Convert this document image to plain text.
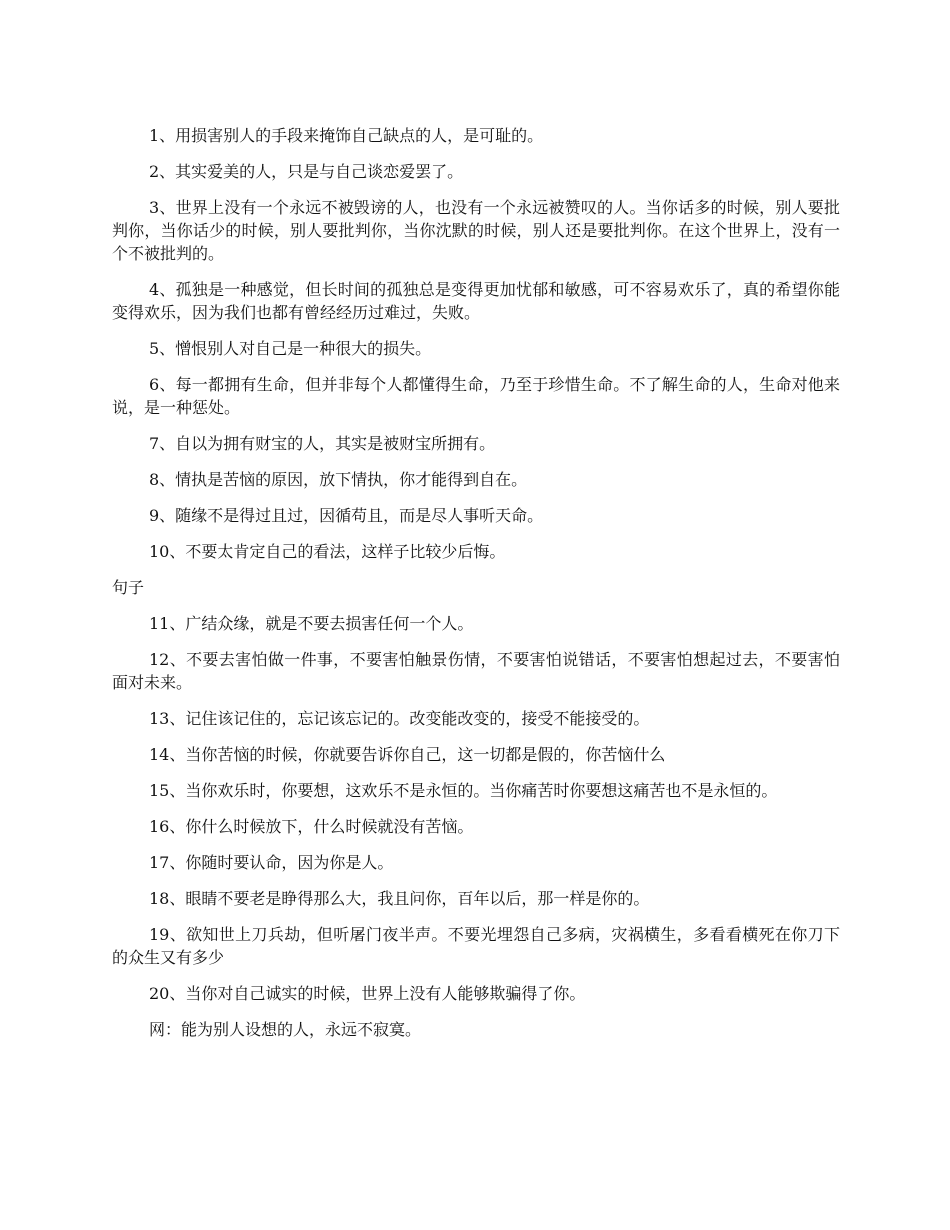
1、用损害别人的手段来掩饰自己缺点的人，是可耻的。

2、其实爱美的人，只是与自己谈恋爱罢了。

3、世界上没有一个永远不被毁谤的人，也没有一个永远被赞叹的人。当你话多的时候，别人要批判你，当你话少的时候，别人要批判你，当你沈默的时候，别人还是要批判你。在这个世界上，没有一个不被批判的。

4、孤独是一种感觉，但长时间的孤独总是变得更加忧郁和敏感，可不容易欢乐了，真的希望你能变得欢乐，因为我们也都有曾经经历过难过，失败。

5、憎恨别人对自己是一种很大的损失。

6、每一都拥有生命，但并非每个人都懂得生命，乃至于珍惜生命。不了解生命的人，生命对他来说，是一种惩处。

7、自以为拥有财宝的人，其实是被财宝所拥有。

8、情执是苦恼的原因，放下情执，你才能得到自在。

9、随缘不是得过且过，因循苟且，而是尽人事听天命。

10、不要太肯定自己的看法，这样子比较少后悔。

句子

11、广结众缘，就是不要去损害任何一个人。

12、不要去害怕做一件事，不要害怕触景伤情，不要害怕说错话，不要害怕想起过去，不要害怕面对未来。

13、记住该记住的，忘记该忘记的。改变能改变的，接受不能接受的。

14、当你苦恼的时候，你就要告诉你自己，这一切都是假的，你苦恼什么

15、当你欢乐时，你要想，这欢乐不是永恒的。当你痛苦时你要想这痛苦也不是永恒的。

16、你什么时候放下，什么时候就没有苦恼。

17、你随时要认命，因为你是人。

18、眼睛不要老是睁得那么大，我且问你，百年以后，那一样是你的。

19、欲知世上刀兵劫，但听屠门夜半声。不要光埋怨自己多病，灾祸横生，多看看横死在你刀下的众生又有多少

20、当你对自己诚实的时候，世界上没有人能够欺骗得了你。

网：能为别人设想的人，永远不寂寞。
